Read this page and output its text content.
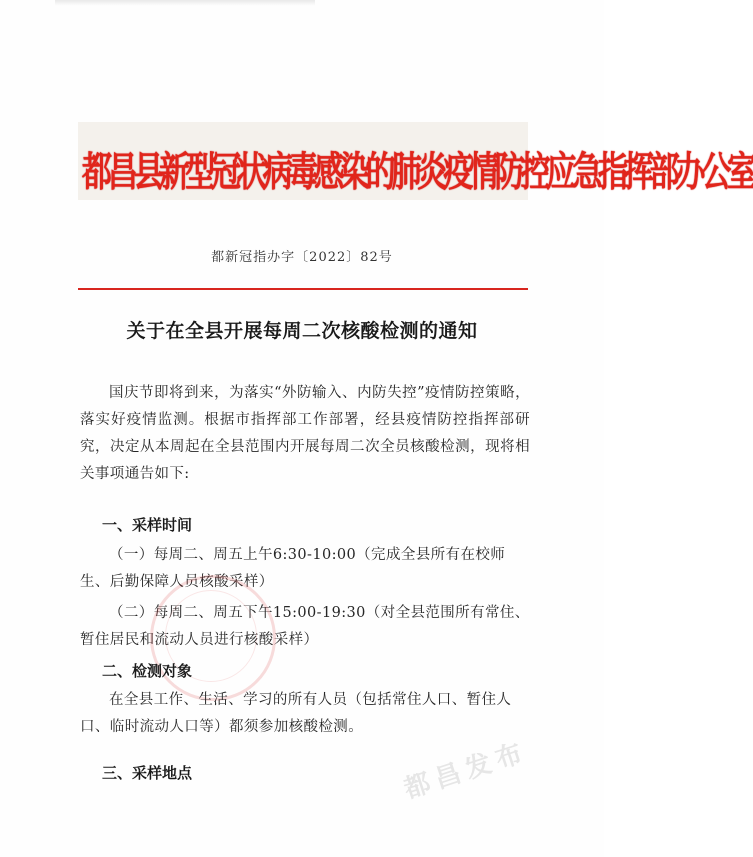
都昌县新型冠状病毒感染的肺炎疫情防控应急指挥部办公室
都新冠指办字〔2022〕82号
关于在全县开展每周二次核酸检测的通知
国庆节即将到来，为落实“外防输入、内防失控”疫情防控策略，落实好疫情监测。根据市指挥部工作部署，经县疫情防控指挥部研究，决定从本周起在全县范围内开展每周二次全员核酸检测，现将相关事项通告如下:
一、采样时间
（一）每周二、周五上午6:30-10:00（完成全县所有在校师生、后勤保障人员核酸采样）
（二）每周二、周五下午15:00-19:30（对全县范围所有常住、暂住居民和流动人员进行核酸采样）
二、检测对象
在全县工作、生活、学习的所有人员（包括常住人口、暂住人口、临时流动人口等）都须参加核酸检测。
三、采样地点	都昌发布
